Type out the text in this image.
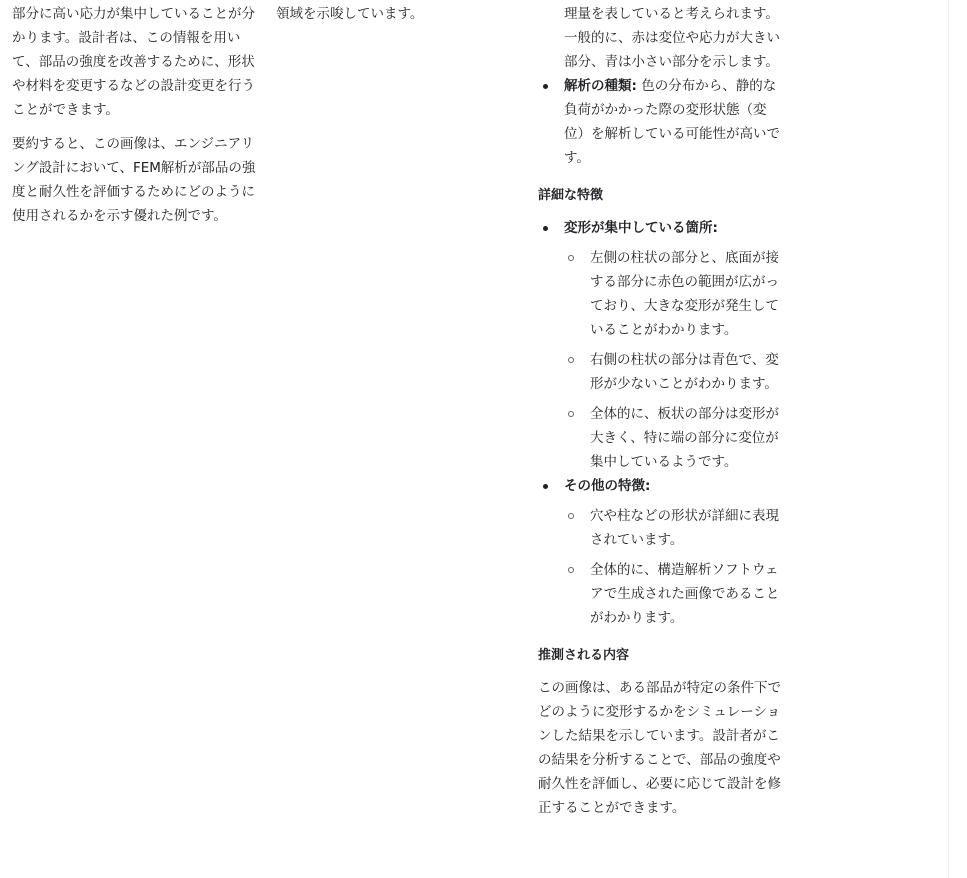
部分に高い応力が集中していることが分かります。設計者は、この情報を用いて、部品の強度を改善するために、形状や材料を変更するなどの設計変更を行うことができます。

要約すると、この画像は、エンジニアリング設計において、FEM解析が部品の強度と耐久性を評価するためにどのように使用されるかを示す優れた例です。

領域を示唆しています。	理量を表していると考えられます。一般的に、赤は変位や応力が大きい部分、青は小さい部分を示します。

解析の種類: 色の分布から、静的な負荷がかかった際の変形状態（変位）を解析している可能性が高いです。
詳細な特徴
変形が集中している箇所:
左側の柱状の部分と、底面が接する部分に赤色の範囲が広がっており、大きな変形が発生していることがわかります。
右側の柱状の部分は青色で、変形が少ないことがわかります。
全体的に、板状の部分は変形が大きく、特に端の部分に変位が集中しているようです。
その他の特徴:
穴や柱などの形状が詳細に表現されています。
全体的に、構造解析ソフトウェアで生成された画像であることがわかります。
推測される内容

この画像は、ある部品が特定の条件下でどのように変形するかをシミュレーションした結果を示しています。設計者がこの結果を分析することで、部品の強度や耐久性を評価し、必要に応じて設計を修正することができます。
